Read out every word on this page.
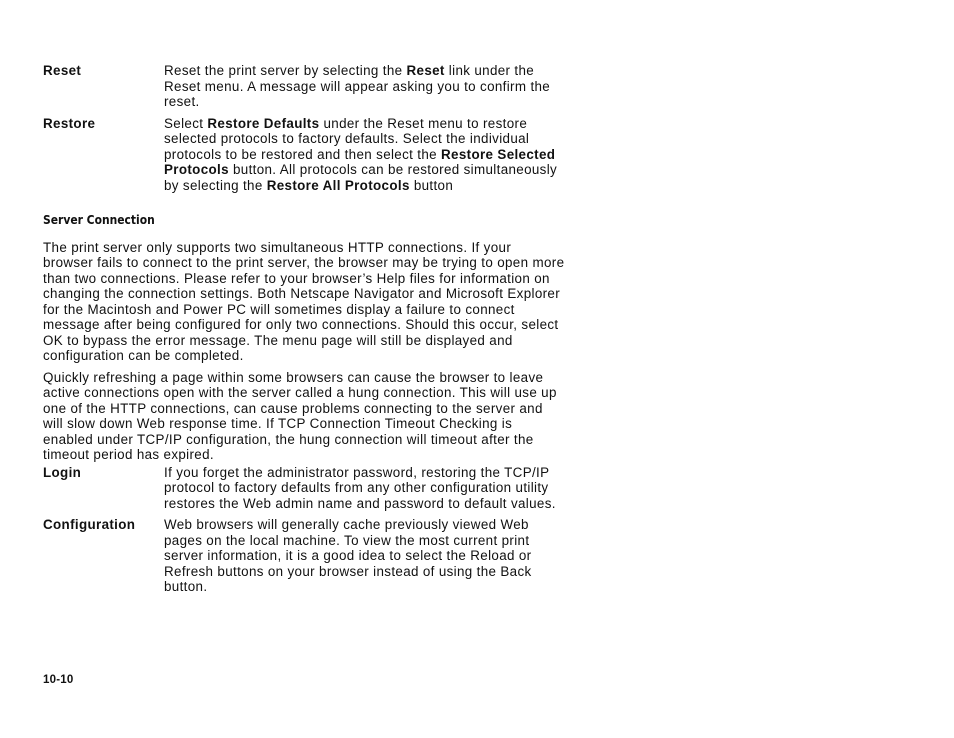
Reset	Reset the print server by selecting the Reset link under the Reset menu. A message will appear asking you to confirm the reset.
Restore	Select Restore Defaults under the Reset menu to restore selected protocols to factory defaults. Select the individual protocols to be restored and then select the Restore Selected Protocols button. All protocols can be restored simultaneously by selecting the Restore All Protocols button
Server Connection

The print server only supports two simultaneous HTTP connections. If your browser fails to connect to the print server, the browser may be trying to open more than two connections. Please refer to your browser’s Help files for information on changing the connection settings. Both Netscape Navigator and Microsoft Explorer for the Macintosh and Power PC will sometimes display a failure to connect message after being configured for only two connections. Should this occur, select OK to bypass the error message. The menu page will still be displayed and configuration can be completed.

Quickly refreshing a page within some browsers can cause the browser to leave active connections open with the server called a hung connection. This will use up one of the HTTP connections, can cause problems connecting to the server and will slow down Web response time. If TCP Connection Timeout Checking is enabled under TCP/IP configuration, the hung connection will timeout after the timeout period has expired.

Login	If you forget the administrator password, restoring the TCP/IP protocol to factory defaults from any other configuration utility restores the Web admin name and password to default values.
Configuration	Web browsers will generally cache previously viewed Web pages on the local machine. To view the most current print server information, it is a good idea to select the Reload or Refresh buttons on your browser instead of using the Back button.
10-10
